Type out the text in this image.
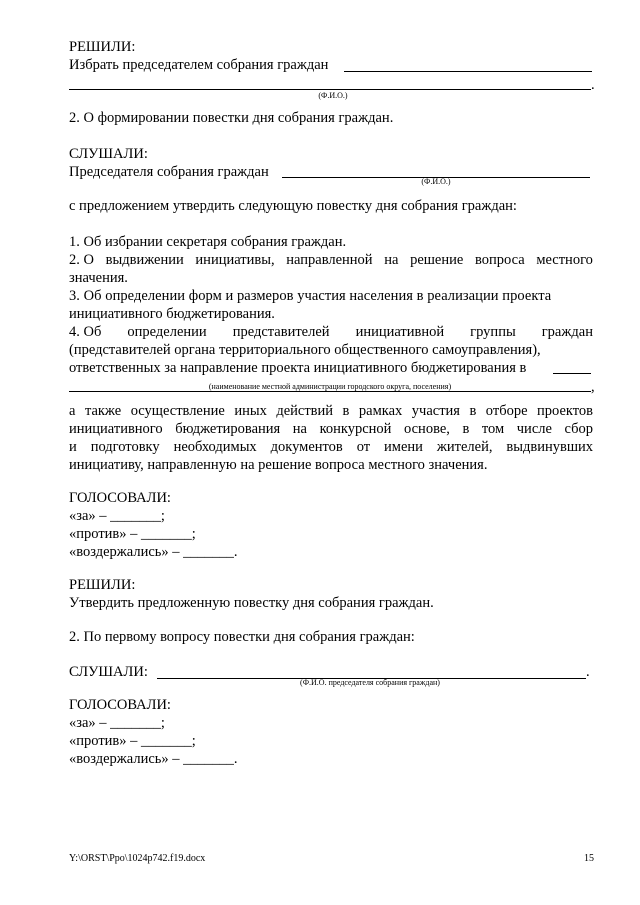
РЕШИЛИ:
Избрать председателем собрания граждан
.
(Ф.И.О.)
2. О формировании повестки дня собрания граждан.
СЛУШАЛИ:
Председателя собрания граждан
(Ф.И.О.)
с предложением утвердить следующую повестку дня собрания граждан:
1. Об избрании секретаря собрания граждан.
2. О выдвижении инициативы, направленной на решение вопроса местного
значения.
3. Об определении форм и размеров участия населения в реализации проекта
инициативного бюджетирования.
4. Об определении представителей инициативной группы граждан
(представителей органа территориального общественного самоуправления),
ответственных за направление проекта инициативного бюджетирования в
,
(наименование местной администрации городского округа, поселения)
а также осуществление иных действий в рамках участия в отборе проектов
инициативного бюджетирования на конкурсной основе, в том числе сбор
и подготовку необходимых документов от имени жителей, выдвинувших
инициативу, направленную на решение вопроса местного значения.
ГОЛОСОВАЛИ:
«за» – _______;
«против» – _______;
«воздержались» – _______.
РЕШИЛИ:
Утвердить предложенную повестку дня собрания граждан.
2. По первому вопросу повестки дня собрания граждан:
СЛУШАЛИ:	.
(Ф.И.О. председателя собрания граждан)
ГОЛОСОВАЛИ:
«за» – _______;
«против» – _______;
«воздержались» – _______.
Y:\ORST\Ppo\1024p742.f19.docx	15
